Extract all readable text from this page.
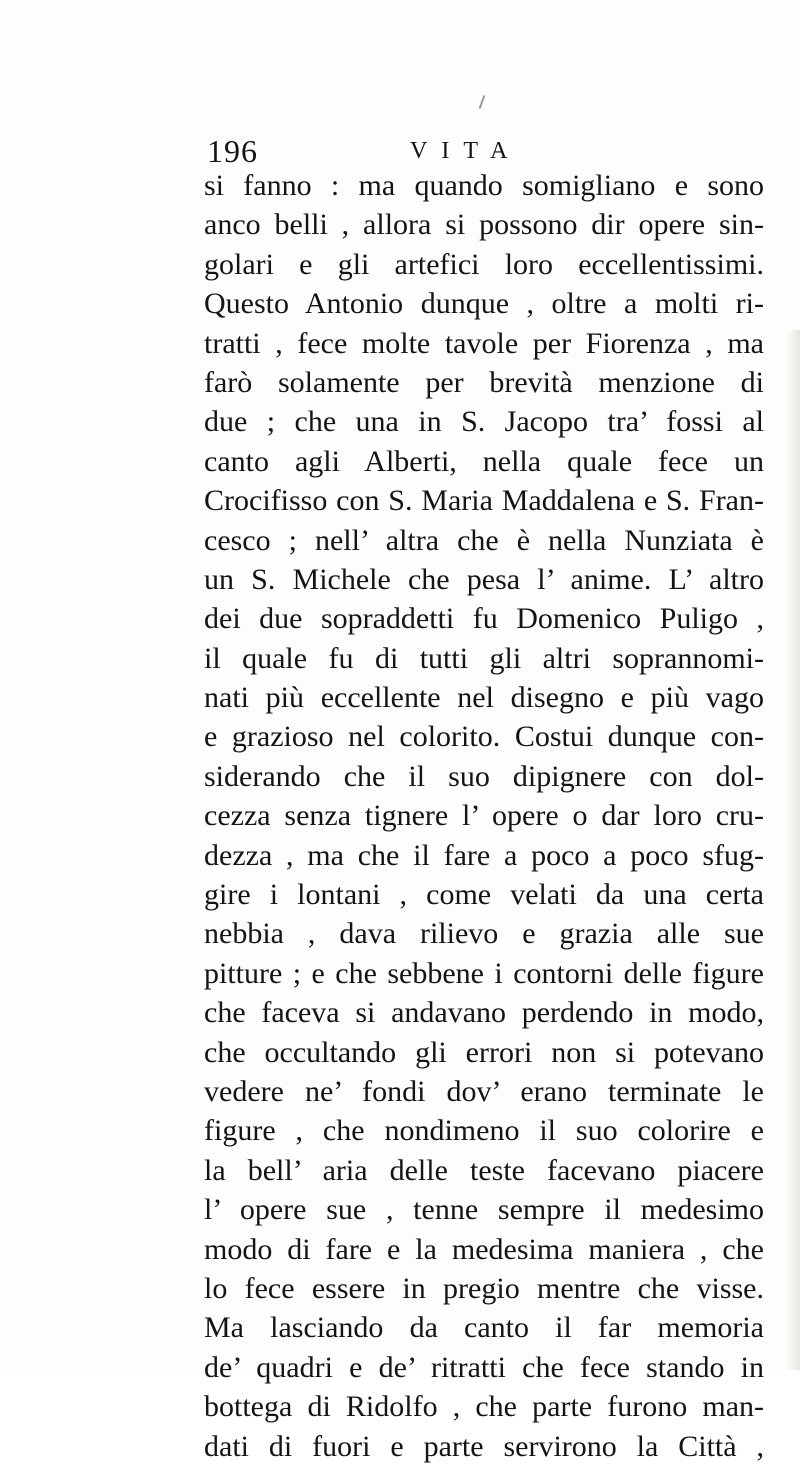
196	VITA
si fanno : ma quando somigliano e sono
anco belli , allora si possono dir opere sin-
golari e gli artefici loro eccellentissimi.
Questo Antonio dunque , oltre a molti ri-
tratti , fece molte tavole per Fiorenza , ma
farò solamente per brevità menzione di
due ; che una in S. Jacopo tra’ fossi al
canto agli Alberti, nella quale fece un
Crocifisso con S. Maria Maddalena e S. Fran-
cesco ; nell’ altra che è nella Nunziata è
un S. Michele che pesa l’ anime. L’ altro
dei due sopraddetti fu Domenico Puligo ,
il quale fu di tutti gli altri soprannomi-
nati più eccellente nel disegno e più vago
e grazioso nel colorito. Costui dunque con-
siderando che il suo dipignere con dol-
cezza senza tignere l’ opere o dar loro cru-
dezza , ma che il fare a poco a poco sfug-
gire i lontani , come velati da una certa
nebbia , dava rilievo e grazia alle sue
pitture ; e che sebbene i contorni delle figure
che faceva si andavano perdendo in modo,
che occultando gli errori non si potevano
vedere ne’ fondi dov’ erano terminate le
figure , che nondimeno il suo colorire e
la bell’ aria delle teste facevano piacere
l’ opere sue , tenne sempre il medesimo
modo di fare e la medesima maniera , che
lo fece essere in pregio mentre che visse.
Ma lasciando da canto il far memoria
de’ quadri e de’ ritratti che fece stando in
bottega di Ridolfo , che parte furono man-
dati di fuori e parte servirono la Città ,
